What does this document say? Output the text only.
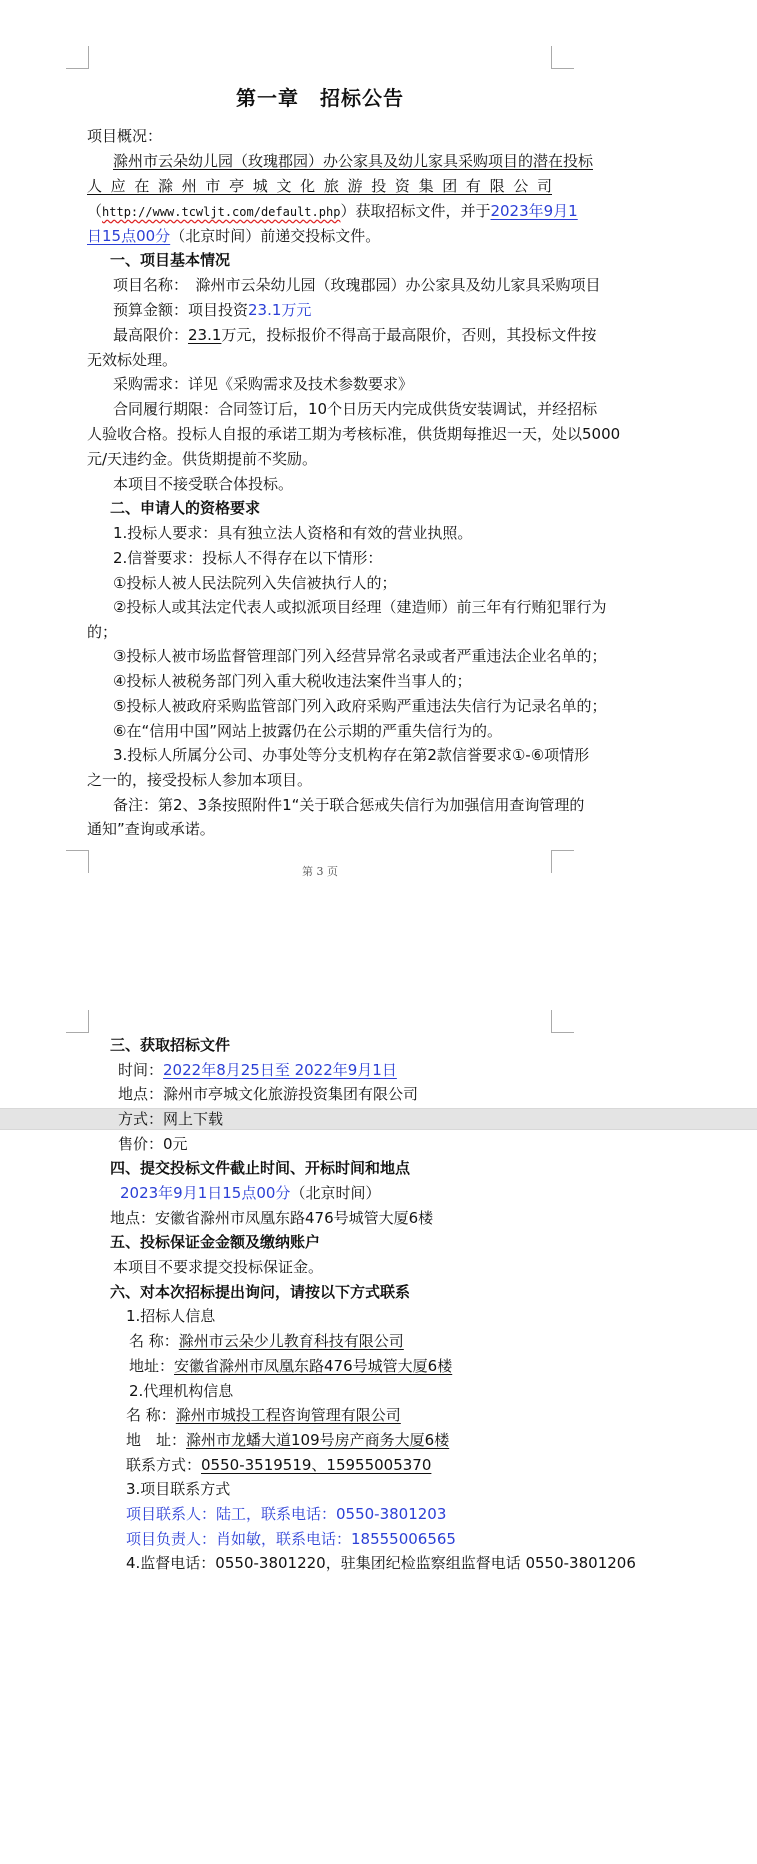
第一章　招标公告
项目概况：
滁州市云朵幼儿园（玫瑰郡园）办公家具及幼儿家具采购项目的潜在投标
人应在滁州市亭城文化旅游投资集团有限公司
（http://www.tcwljt.com/default.php）获取招标文件，并于2023年9月1
日15点00分（北京时间）前递交投标文件。
一、项目基本情况
项目名称：　滁州市云朵幼儿园（玫瑰郡园）办公家具及幼儿家具采购项目
预算金额：项目投资23.1万元
最高限价：23.1万元，投标报价不得高于最高限价，否则，其投标文件按
无效标处理。
采购需求：详见《采购需求及技术参数要求》
合同履行期限：合同签订后，10个日历天内完成供货安装调试，并经招标
人验收合格。投标人自报的承诺工期为考核标准，供货期每推迟一天，处以5000
元/天违约金。供货期提前不奖励。
本项目不接受联合体投标。
二、申请人的资格要求
1.投标人要求：具有独立法人资格和有效的营业执照。
2.信誉要求：投标人不得存在以下情形：
①投标人被人民法院列入失信被执行人的；
②投标人或其法定代表人或拟派项目经理（建造师）前三年有行贿犯罪行为
的；
③投标人被市场监督管理部门列入经营异常名录或者严重违法企业名单的；
④投标人被税务部门列入重大税收违法案件当事人的；
⑤投标人被政府采购监管部门列入政府采购严重违法失信行为记录名单的；
⑥在“信用中国”网站上披露仍在公示期的严重失信行为的。
3.投标人所属分公司、办事处等分支机构存在第2款信誉要求①-⑥项情形
之一的，接受投标人参加本项目。
备注：第2、3条按照附件1“关于联合惩戒失信行为加强信用查询管理的
通知”查询或承诺。
第 3 页
三、获取招标文件
时间：2022年8月25日至 2022年9月1日
地点：滁州市亭城文化旅游投资集团有限公司
方式：网上下载
售价：0元
四、提交投标文件截止时间、开标时间和地点
2023年9月1日15点00分（北京时间）
地点：安徽省滁州市凤凰东路476号城管大厦6楼
五、投标保证金金额及缴纳账户
本项目不要求提交投标保证金。
六、对本次招标提出询问，请按以下方式联系
1.招标人信息
名 称：滁州市云朵少儿教育科技有限公司
地址：安徽省滁州市凤凰东路476号城管大厦6楼
2.代理机构信息
名 称：滁州市城投工程咨询管理有限公司
地　址：滁州市龙蟠大道109号房产商务大厦6楼
联系方式：0550-3519519、15955005370
3.项目联系方式
项目联系人：陆工，联系电话：0550-3801203
项目负责人：肖如敏，联系电话：18555006565
4.监督电话：0550-3801220，驻集团纪检监察组监督电话 0550-3801206
